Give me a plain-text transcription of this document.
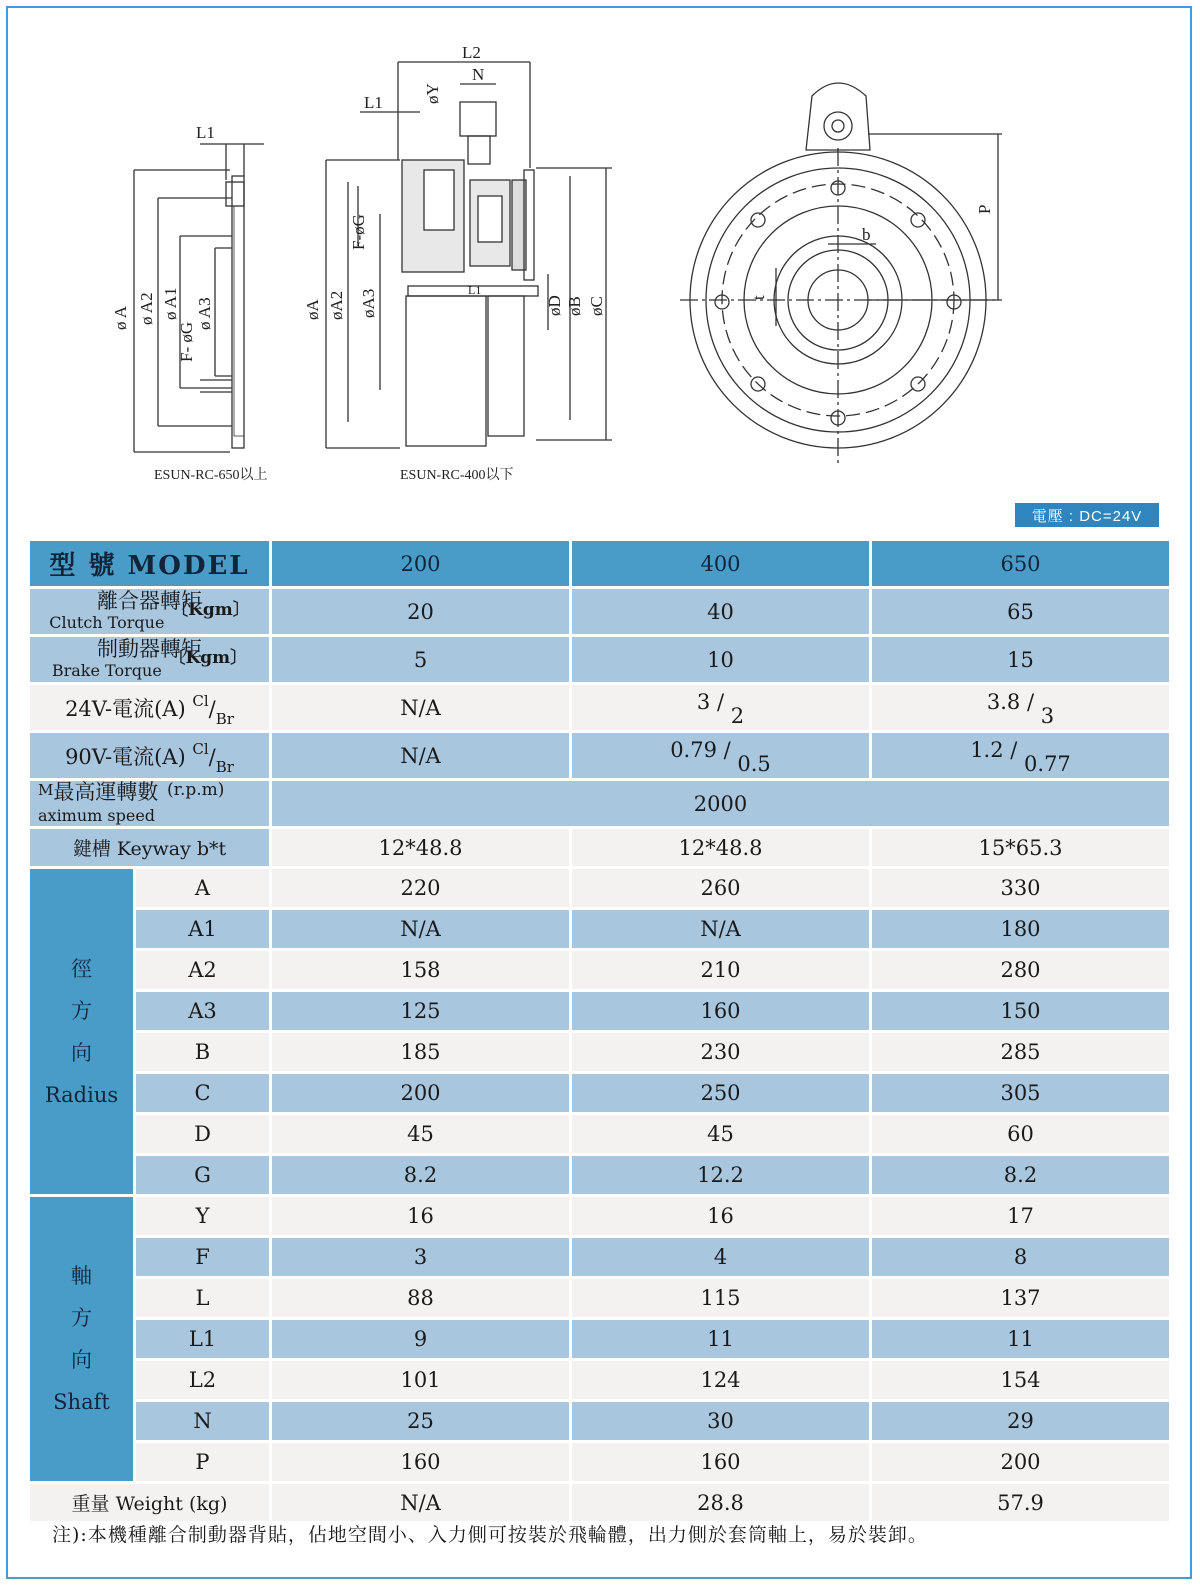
L1
ø A ø A2 ø A1 ø A3
F- øG
L2
N
L1 øY
F-øG
øA øA2 øA3	L1
øD øB øC
P
b
t
ESUN-RC-650以上	ESUN-RC-400以下
電壓 : DC=24V
型 號 MODEL		200	400	650
離合器轉矩
Clutch Torque $^{〔Kgm〕}$		20	40	65
制動器轉矩
Brake Torque $^{〔Kgm〕}$		5	10	15
24V-電流(A) $^{Cl}/_{Br}$		N/A	3 / 2	3.8 / 3
90V-電流(A) $^{Cl}/_{Br}$		N/A	0.79 / 0.5	1.2 / 0.77
M最高運轉數
aximum speed
(r.p.m)		2000		
鍵槽 Keyway b*t		12*48.8	12*48.8	15*65.3

徑
方
向
Radius	A	220	260	330
	A1	N/A	N/A	180
	A2	158	210	280
	A3	125	160	150
	B	185	230	285
	C	200	250	305
	D	45	45	60
	G	8.2	12.2	8.2

軸
方
向
Shaft	Y	16	16	17
	F	3	4	8
	L	88	115	137
	L1	9	11	11
	L2	101	124	154
	N	25	30	29
	P	160	160	200
重量 Weight (kg)		N/A	28.8	57.9
注):本機種離合制動器背貼，佔地空間小、入力側可按裝於飛輪體，出力側於套筒軸上，易於裝卸。
